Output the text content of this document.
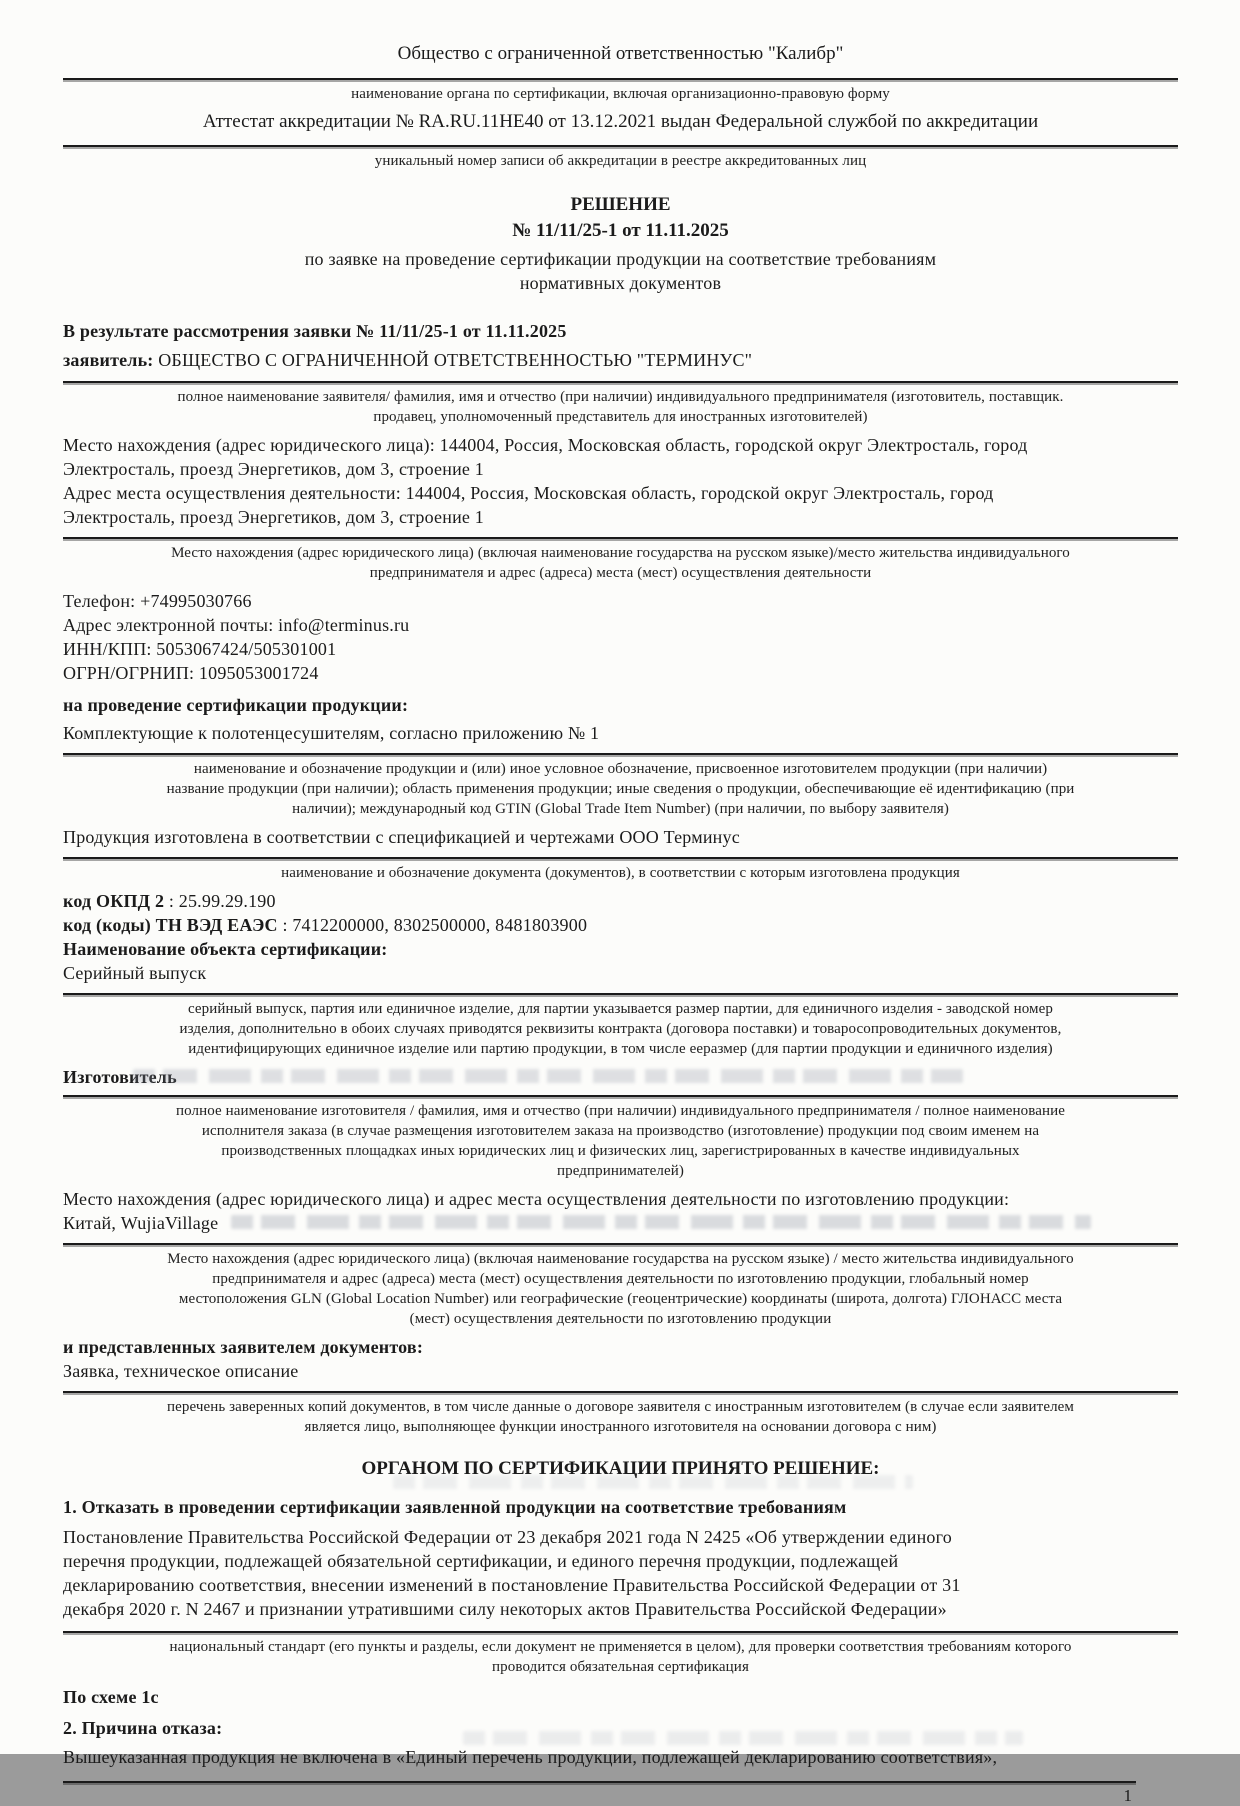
Общество с ограниченной ответственностью "Калибр"
наименование органа по сертификации, включая организационно-правовую форму
Аттестат аккредитации № RA.RU.11НЕ40 от 13.12.2021 выдан Федеральной службой по аккредитации
уникальный номер записи об аккредитации в реестре аккредитованных лиц
РЕШЕНИЕ
№ 11/11/25-1 от 11.11.2025
по заявке на проведение сертификации продукции на соответствие требованиям
нормативных документов
В результате рассмотрения заявки № 11/11/25-1 от 11.11.2025
заявитель: ОБЩЕСТВО С ОГРАНИЧЕННОЙ ОТВЕТСТВЕННОСТЬЮ "ТЕРМИНУС"
полное наименование заявителя/ фамилия, имя и отчество (при наличии) индивидуального предпринимателя (изготовитель, поставщик.
продавец, уполномоченный представитель для иностранных изготовителей)
Место нахождения (адрес юридического лица): 144004, Россия, Московская область, городской округ Электросталь, город
Электросталь, проезд Энергетиков, дом 3, строение 1
Адрес места осуществления деятельности: 144004, Россия, Московская область, городской округ Электросталь, город
Электросталь, проезд Энергетиков, дом 3, строение 1
Место нахождения (адрес юридического лица) (включая наименование государства на русском языке)/место жительства индивидуального
предпринимателя и адрес (адреса) места (мест) осуществления деятельности
Телефон: +74995030766
Адрес электронной почты: info@terminus.ru
ИНН/КПП: 5053067424/505301001
ОГРН/ОГРНИП: 1095053001724
на проведение сертификации продукции:
Комплектующие к полотенцесушителям, согласно приложению № 1
наименование и обозначение продукции и (или) иное условное обозначение, присвоенное изготовителем продукции (при наличии)
название продукции (при наличии); область применения продукции; иные сведения о продукции, обеспечивающие её идентификацию (при
наличии); международный код GTIN (Global Trade Item Number) (при наличии, по выбору заявителя)
Продукция изготовлена в соответствии с спецификацией и чертежами ООО Терминус
наименование и обозначение документа (документов), в соответствии с которым изготовлена продукция
код ОКПД 2 : 25.99.29.190
код (коды) ТН ВЭД ЕАЭС : 7412200000, 8302500000, 8481803900
Наименование объекта сертификации:
Серийный выпуск
серийный выпуск, партия или единичное изделие, для партии указывается размер партии, для единичного изделия - заводской номер
изделия, дополнительно в обоих случаях приводятся реквизиты контракта (договора поставки) и товаросопроводительных документов,
идентифицирующих единичное изделие или партию продукции, в том числе ееразмер (для партии продукции и единичного изделия)
Изготовитель
полное наименование изготовителя / фамилия, имя и отчество (при наличии) индивидуального предпринимателя / полное наименование
исполнителя заказа (в случае размещения изготовителем заказа на производство (изготовление) продукции под своим именем на
производственных площадках иных юридических лиц и физических лиц, зарегистрированных в качестве индивидуальных
предпринимателей)
Место нахождения (адрес юридического лица) и адрес места осуществления деятельности по изготовлению продукции:
Китай, WujiaVillage
Место нахождения (адрес юридического лица) (включая наименование государства на русском языке) / место жительства индивидуального
предпринимателя и адрес (адреса) места (мест) осуществления деятельности по изготовлению продукции, глобальный номер
местоположения GLN (Global Location Number) или географические (геоцентрические) координаты (широта, долгота) ГЛОНАСС места
(мест) осуществления деятельности по изготовлению продукции
и представленных заявителем документов:
Заявка, техническое описание
перечень заверенных копий документов, в том числе данные о договоре заявителя с иностранным изготовителем (в случае если заявителем
является лицо, выполняющее функции иностранного изготовителя на основании договора с ним)
ОРГАНОМ ПО СЕРТИФИКАЦИИ ПРИНЯТО РЕШЕНИЕ:
1. Отказать в проведении сертификации заявленной продукции на соответствие требованиям
Постановление Правительства Российской Федерации от 23 декабря 2021 года N 2425 «Об утверждении единого
перечня продукции, подлежащей обязательной сертификации, и единого перечня продукции, подлежащей
декларированию соответствия, внесении изменений в постановление Правительства Российской Федерации от 31
декабря 2020 г. N 2467 и признании утратившими силу некоторых актов Правительства Российской Федерации»
национальный стандарт (его пункты и разделы, если документ не применяется в целом), для проверки соответствия требованиям которого
проводится обязательная сертификация
По схеме 1с
2. Причина отказа:
Вышеуказанная продукция не включена в «Единый перечень продукции, подлежащей декларированию соответствия»,
1
